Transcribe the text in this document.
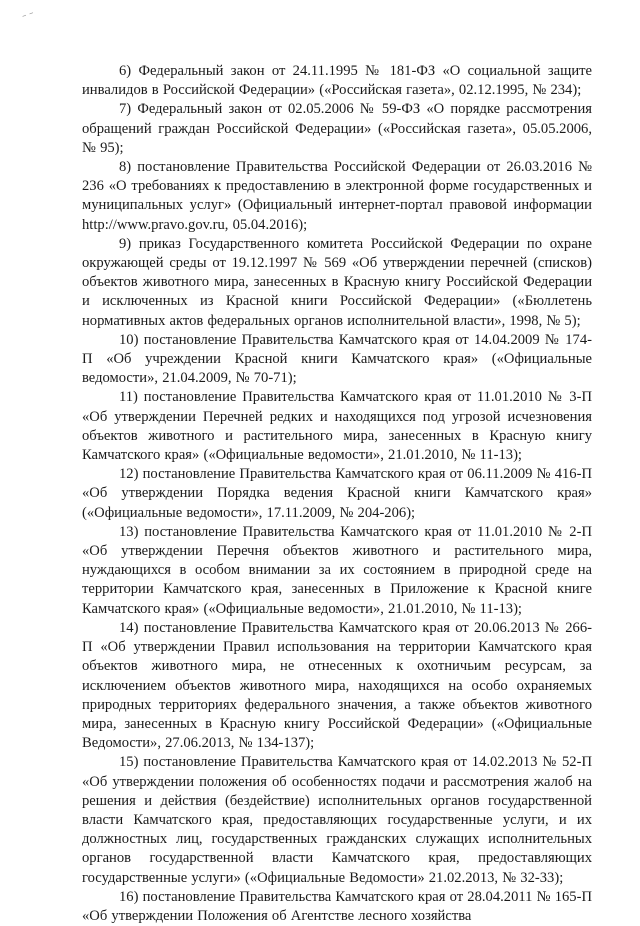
– –

6) Федеральный закон от 24.11.1995 № 181-ФЗ «О социальной защите инвалидов в Российской Федерации» («Российская газета», 02.12.1995, № 234);

7) Федеральный закон от 02.05.2006 № 59-ФЗ «О порядке рассмотрения обращений граждан Российской Федерации» («Российская газета», 05.05.2006, № 95);

8) постановление Правительства Российской Федерации от 26.03.2016 № 236 «О требованиях к предоставлению в электронной форме государственных и муниципальных услуг» (Официальный интернет-портал правовой информации http://www.pravo.gov.ru, 05.04.2016);

9) приказ Государственного комитета Российской Федерации по охране окружающей среды от 19.12.1997 № 569 «Об утверждении перечней (списков) объектов животного мира, занесенных в Красную книгу Российской Федерации и исключенных из Красной книги Российской Федерации» («Бюллетень нормативных актов федеральных органов исполнительной власти», 1998, № 5);

10) постановление Правительства Камчатского края от 14.04.2009 № 174-П «Об учреждении Красной книги Камчатского края» («Официальные ведомости», 21.04.2009, № 70-71);

11) постановление Правительства Камчатского края от 11.01.2010 № 3-П «Об утверждении Перечней редких и находящихся под угрозой исчезновения объектов животного и растительного мира, занесенных в Красную книгу Камчатского края» («Официальные ведомости», 21.01.2010, № 11-13);

12) постановление Правительства Камчатского края от 06.11.2009 № 416-П «Об утверждении Порядка ведения Красной книги Камчатского края» («Официальные ведомости», 17.11.2009, № 204-206);

13) постановление Правительства Камчатского края от 11.01.2010 № 2-П «Об утверждении Перечня объектов животного и растительного мира, нуждающихся в особом внимании за их состоянием в природной среде на территории Камчатского края, занесенных в Приложение к Красной книге Камчатского края» («Официальные ведомости», 21.01.2010, № 11-13);

14) постановление Правительства Камчатского края от 20.06.2013 № 266-П «Об утверждении Правил использования на территории Камчатского края объектов животного мира, не отнесенных к охотничьим ресурсам, за исключением объектов животного мира, находящихся на особо охраняемых природных территориях федерального значения, а также объектов животного мира, занесенных в Красную книгу Российской Федерации» («Официальные Ведомости», 27.06.2013, № 134-137);

15) постановление Правительства Камчатского края от 14.02.2013 № 52-П «Об утверждении положения об особенностях подачи и рассмотрения жалоб на решения и действия (бездействие) исполнительных органов государственной власти Камчатского края, предоставляющих государственные услуги, и их должностных лиц, государственных гражданских служащих исполнительных органов государственной власти Камчатского края, предоставляющих государственные услуги» («Официальные Ведомости» 21.02.2013, № 32-33);

16) постановление Правительства Камчатского края от 28.04.2011 № 165-П «Об утверждении Положения об Агентстве лесного хозяйства
